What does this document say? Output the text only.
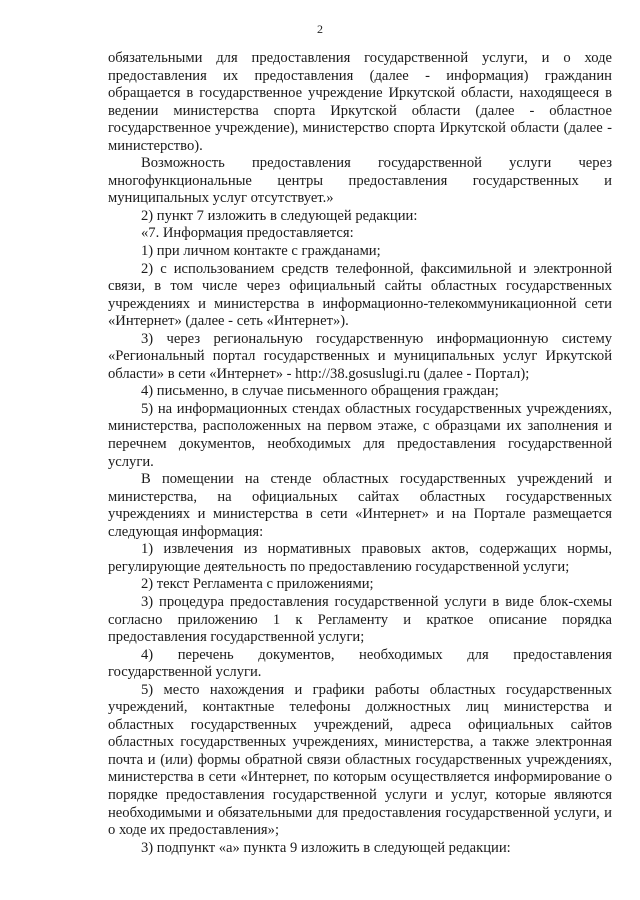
2

обязательными для предоставления государственной услуги, и о ходе предоставления их предоставления (далее - информация) гражданин обращается в государственное учреждение Иркутской области, находящееся в ведении министерства спорта Иркутской области (далее - областное государственное учреждение), министерство спорта Иркутской области (далее - министерство).

Возможность предоставления государственной услуги через многофункциональные центры предоставления государственных и муниципальных услуг отсутствует.»

2) пункт 7 изложить в следующей редакции:

«7. Информация предоставляется:

1) при личном контакте с гражданами;

2) с использованием средств телефонной, факсимильной и электронной связи, в том числе через официальный сайты областных государственных учреждениях и министерства в информационно-телекоммуникационной сети «Интернет» (далее - сеть «Интернет»).

3) через региональную государственную информационную систему «Региональный портал государственных и муниципальных услуг Иркутской области» в сети «Интернет» - http://38.gosuslugi.ru (далее - Портал);

4) письменно, в случае письменного обращения граждан;

5) на информационных стендах областных государственных учреждениях, министерства, расположенных на первом этаже, с образцами их заполнения и перечнем документов, необходимых для предоставления государственной услуги.

В помещении на стенде областных государственных учреждений и министерства, на официальных сайтах областных государственных учреждениях и министерства в сети «Интернет» и на Портале размещается следующая информация:

1) извлечения из нормативных правовых актов, содержащих нормы, регулирующие деятельность по предоставлению государственной услуги;

2) текст Регламента с приложениями;

3) процедура предоставления государственной услуги в виде блок-схемы согласно приложению 1 к Регламенту и краткое описание порядка предоставления государственной услуги;

4) перечень документов, необходимых для предоставления государственной услуги.

5) место нахождения и графики работы областных государственных учреждений, контактные телефоны должностных лиц министерства и областных государственных учреждений, адреса официальных сайтов областных государственных учреждениях, министерства, а также электронная почта и (или) формы обратной связи областных государственных учреждениях, министерства в сети «Интернет, по которым осуществляется информирование о порядке предоставления государственной услуги и услуг, которые являются необходимыми и обязательными для предоставления государственной услуги, и о ходе их предоставления»;

3) подпункт «а» пункта 9 изложить в следующей редакции:
